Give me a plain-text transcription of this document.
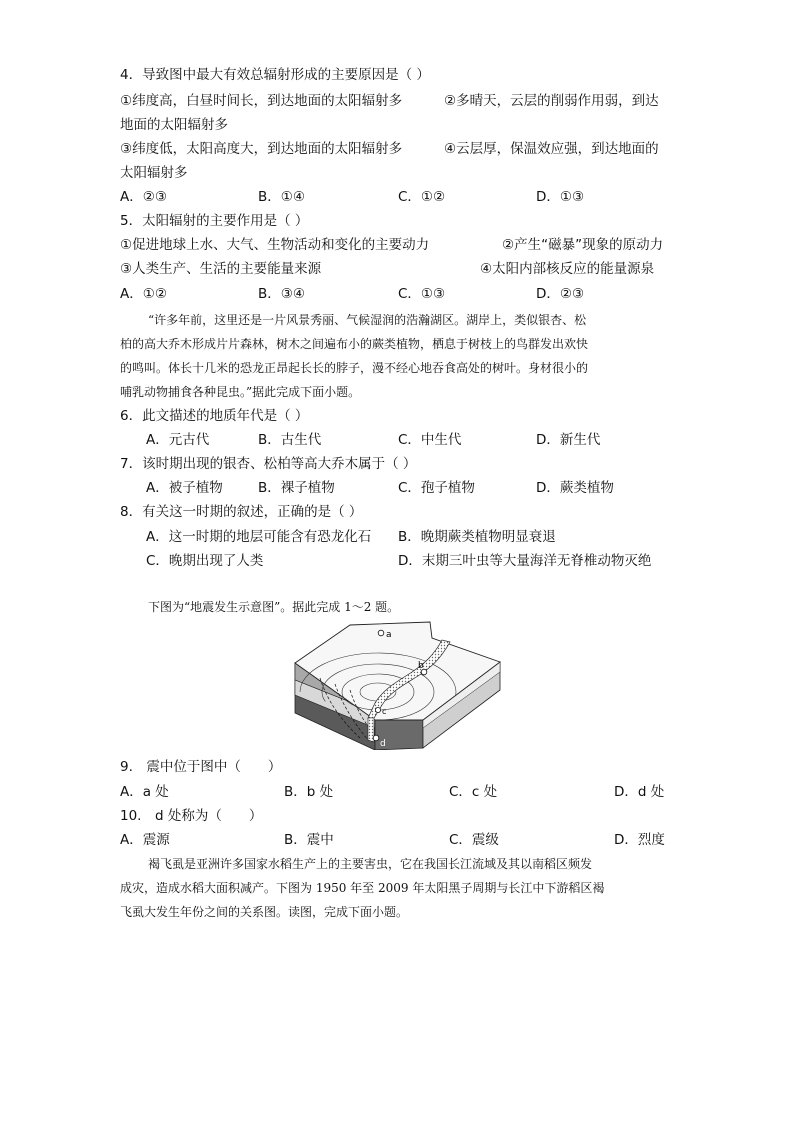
4．导致图中最大有效总辐射形成的主要原因是（ ）
①纬度高，白昼时间长，到达地面的太阳辐射多	②多晴天，云层的削弱作用弱，到达
地面的太阳辐射多
③纬度低，太阳高度大，到达地面的太阳辐射多	④云层厚，保温效应强，到达地面的
太阳辐射多
A．②③	B．①④	C．①②	D．①③
5．太阳辐射的主要作用是（ ）
①促进地球上水、大气、生物活动和变化的主要动力	②产生“磁暴”现象的原动力
③人类生产、生活的主要能量来源	④太阳内部核反应的能量源泉
A．①②	B．③④	C．①③	D．②③
“许多年前，这里还是一片风景秀丽、气候湿润的浩瀚湖区。湖岸上，类似银杏、松
柏的高大乔木形成片片森林，树木之间遍布小的蕨类植物，栖息于树枝上的鸟群发出欢快
的鸣叫。体长十几米的恐龙正昂起长长的脖子，漫不经心地吞食高处的树叶。身材很小的
哺乳动物捕食各种昆虫。”据此完成下面小题。
6．此文描述的地质年代是（ ）
A．元古代	B．古生代	C．中生代	D．新生代
7．该时期出现的银杏、松柏等高大乔木属于（ ）
A．被子植物	B．裸子植物	C．孢子植物	D．蕨类植物
8．有关这一时期的叙述，正确的是（ ）
A．这一时期的地层可能含有恐龙化石 B．晚期蕨类植物明显衰退
C．晚期出现了人类	D．末期三叶虫等大量海洋无脊椎动物灭绝
下图为“地震发生示意图”。据此完成 1～2 题。
a
b
c
d
9.　震中位于图中（　　）
A．a 处	B．b 处	C．c 处	D．d 处
10.　d 处称为（　　）
A．震源	B．震中	C．震级	D．烈度
褐飞虱是亚洲许多国家水稻生产上的主要害虫，它在我国长江流域及其以南稻区频发
成灾，造成水稻大面积减产。下图为 1950 年至 2009 年太阳黑子周期与长江中下游稻区褐
飞虱大发生年份之间的关系图。读图，完成下面小题。
